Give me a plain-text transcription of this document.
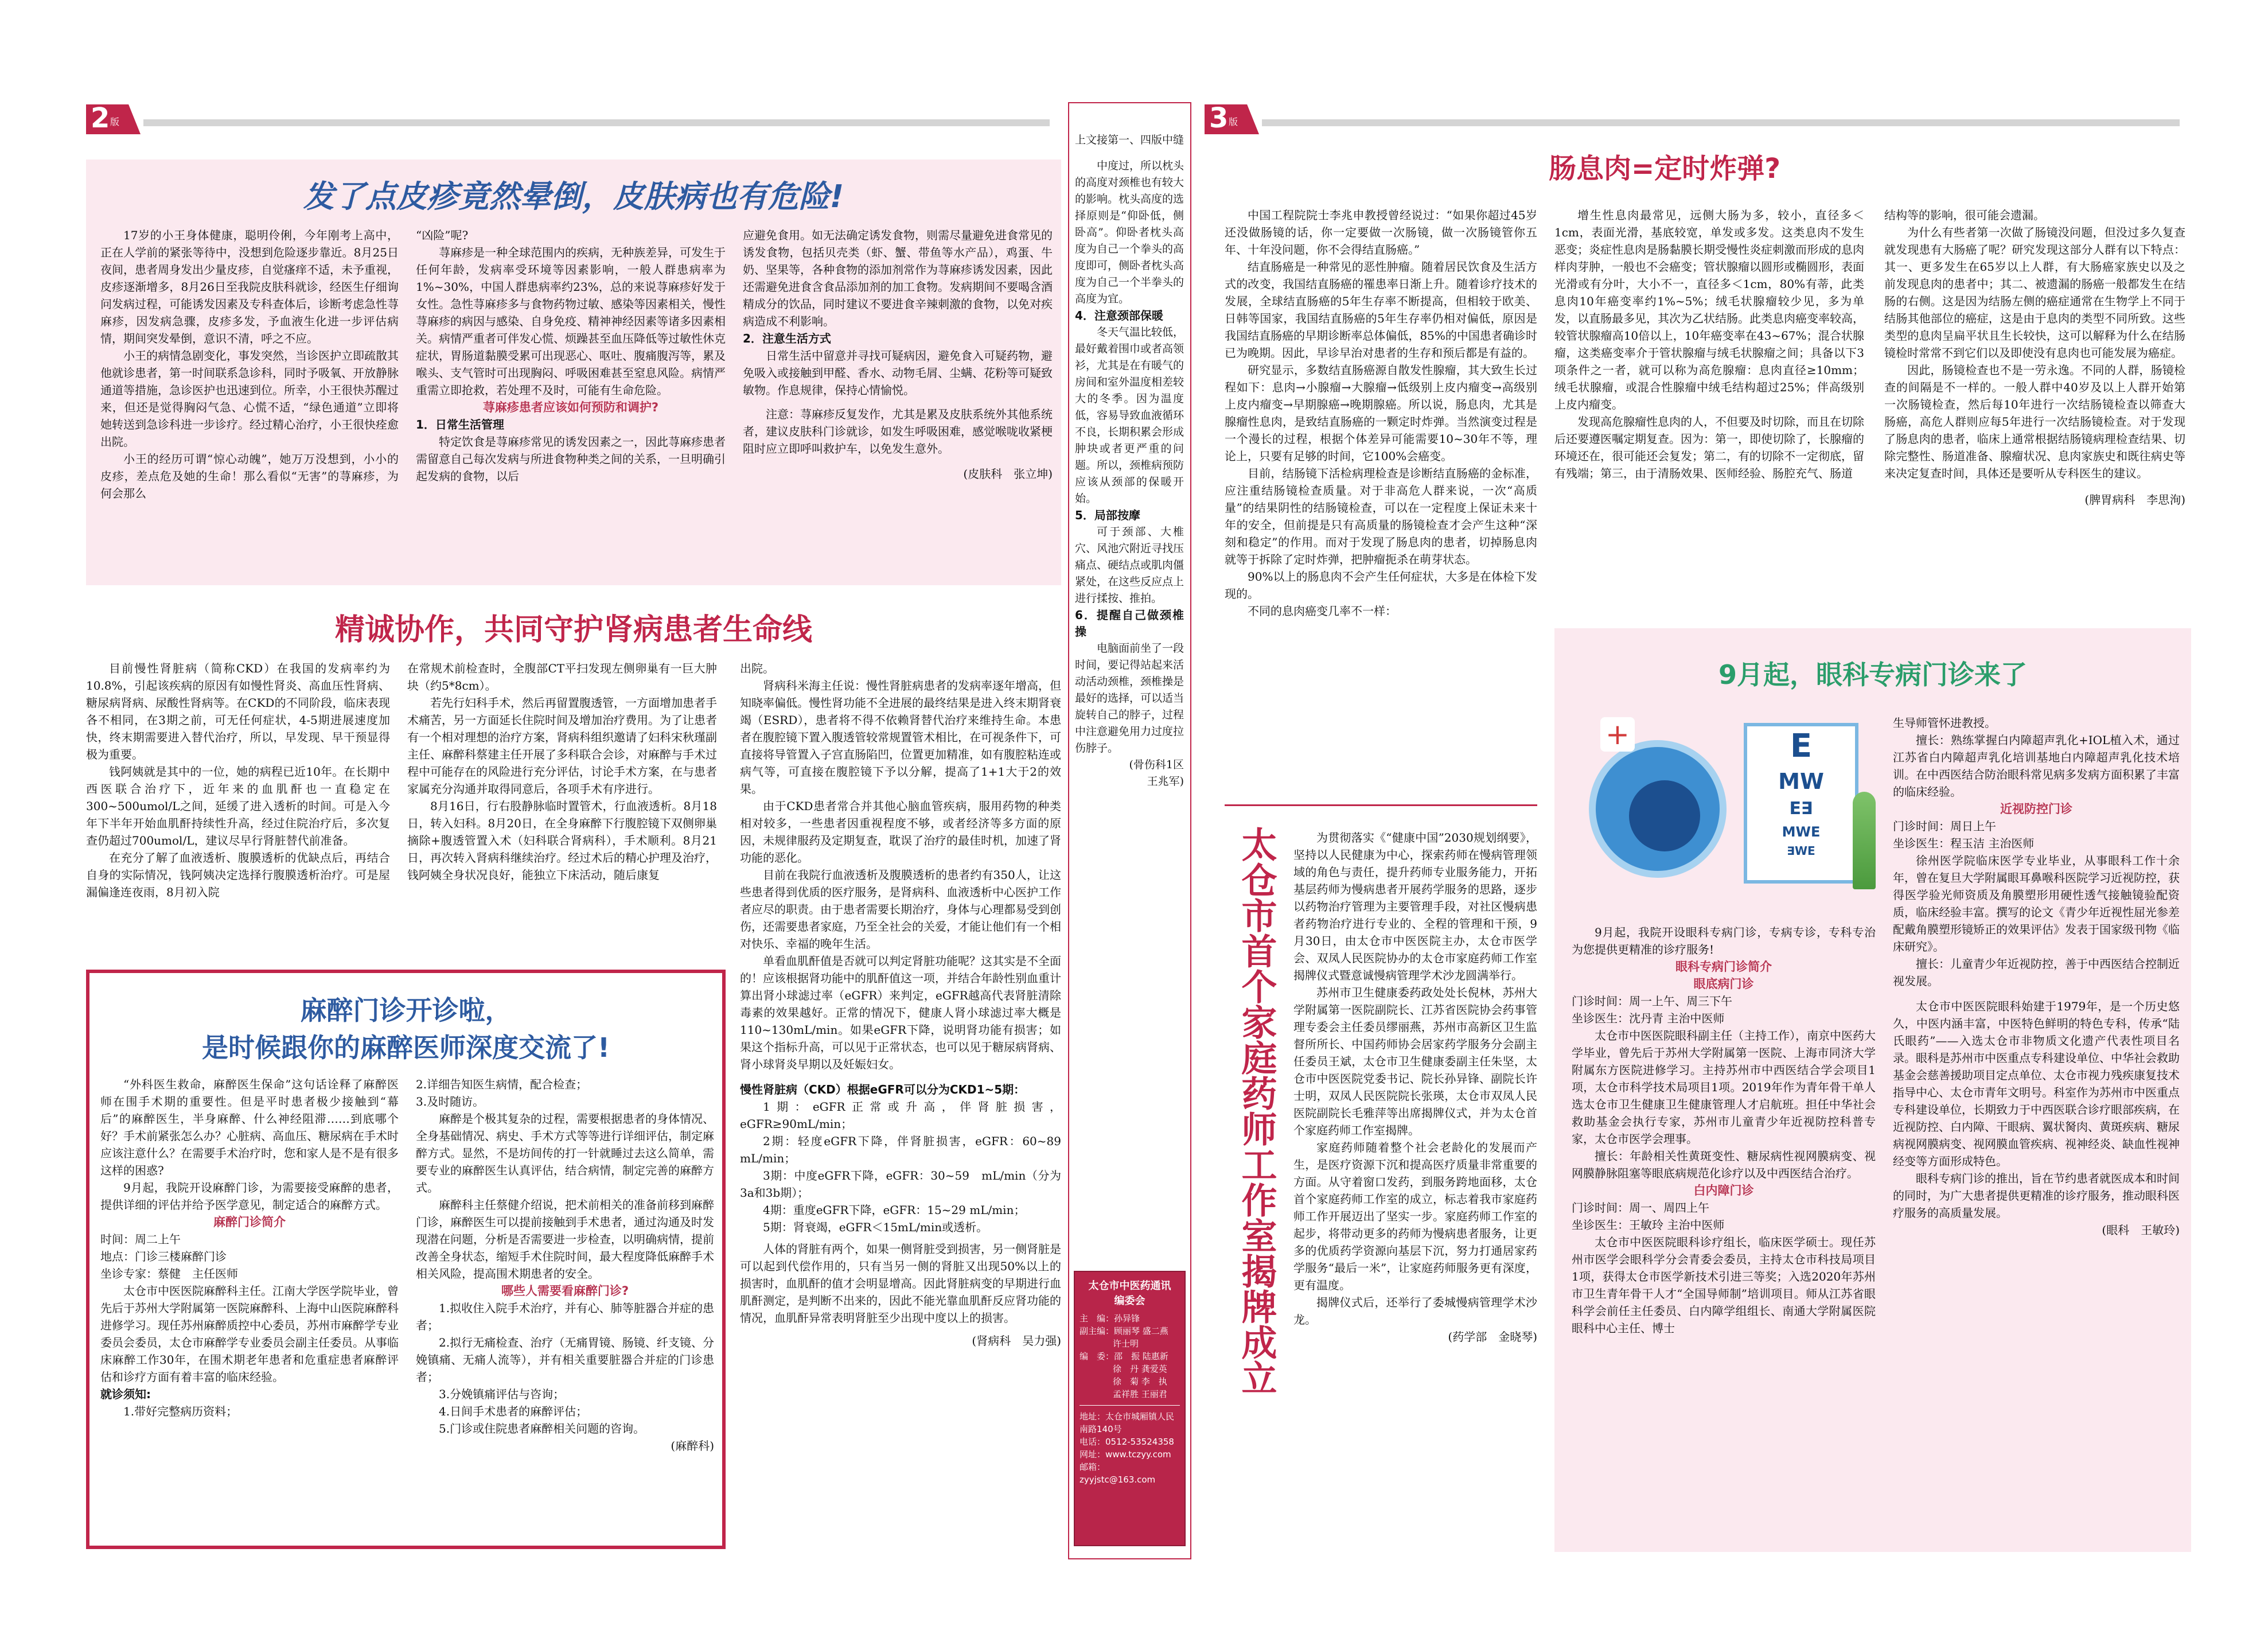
2 版
发了点皮疹竟然晕倒，皮肤病也有危险!

17岁的小王身体健康，聪明伶俐，今年刚考上高中，正在人学前的紧张等待中，没想到危险逐步靠近。8月25日夜间，患者周身发出少量皮疹，自觉瘙痒不适，未予重视，皮疹逐渐增多，8月26日至我院皮肤科就诊，经医生仔细询问发病过程，可能诱发因素及专科查体后，诊断考虑急性荨麻疹，因发病急骤，皮疹多发，予血液生化进一步评估病情，期间突发晕倒，意识不清，呼之不应。

小王的病情急剧变化，事发突然，当诊医护立即疏散其他就诊患者，第一时间联系急诊科，同时予吸氧、开放静脉通道等措施，急诊医护也迅速到位。所幸，小王很快苏醒过来，但还是觉得胸闷气急、心慌不适，“绿色通道”立即将她转送到急诊科进一步诊疗。经过精心治疗，小王很快痊愈出院。

小王的经历可谓“惊心动魄”，她万万没想到，小小的皮疹，差点危及她的生命！那么看似“无害”的荨麻疹，为何会那么

“凶险”呢?

荨麻疹是一种全球范围内的疾病，无种族差异，可发生于任何年龄，发病率受环境等因素影响，一般人群患病率为1%~30%，中国人群患病率约23%，总的来说荨麻疹好发于女性。急性荨麻疹多与食物药物过敏、感染等因素相关，慢性荨麻疹的病因与感染、自身免疫、精神神经因素等诸多因素相关。病情严重者可伴发心慌、烦躁甚至血压降低等过敏性休克症状，胃肠道黏膜受累可出现恶心、呕吐、腹痛腹泻等，累及喉头、支气管时可出现胸闷、呼吸困难甚至窒息风险。病情严重需立即抢救，若处理不及时，可能有生命危险。

荨麻疹患者应该如何预防和调护?

1．日常生活管理

特定饮食是荨麻疹常见的诱发因素之一，因此荨麻疹患者需留意自己每次发病与所进食物种类之间的关系，一旦明确引起发病的食物，以后

应避免食用。如无法确定诱发食物，则需尽量避免进食常见的诱发食物，包括贝壳类（虾、蟹、带鱼等水产品），鸡蛋、牛奶、坚果等，各种食物的添加剂常作为荨麻疹诱发因素，因此还需避免进食含食品添加剂的加工食物。发病期间不要喝含酒精成分的饮品，同时建议不要进食辛辣刺激的食物，以免对疾病造成不利影响。

2．注意生活方式

日常生活中留意并寻找可疑病因，避免食入可疑药物，避免吸入或接触到甲醛、香水、动物毛屑、尘螨、花粉等可疑致敏物。作息规律，保持心情愉悦。

注意：荨麻疹反复发作，尤其是累及皮肤系统外其他系统者，建议皮肤科门诊就诊，如发生呼吸困难，感觉喉咙收紧梗阻时应立即呼叫救护车，以免发生意外。

(皮肤科　张立坤)

精诚协作，共同守护肾病患者生命线

目前慢性肾脏病（简称CKD）在我国的发病率约为10.8%，引起该疾病的原因有如慢性肾炎、高血压性肾病、糖尿病肾病、尿酸性肾病等。在CKD的不同阶段，临床表现各不相同，在3期之前，可无任何症状，4-5期进展速度加快，终末期需要进入替代治疗，所以，早发现、早干预显得极为重要。

钱阿姨就是其中的一位，她的病程已近10年。在长期中西医联合治疗下，近年来的血肌酐也一直稳定在300~500umol/L之间，延缓了进入透析的时间。可是入今年下半年开始血肌酐持续性升高，经过住院治疗后，多次复查仍超过700umol/L，建议尽早行肾脏替代前准备。

在充分了解了血液透析、腹膜透析的优缺点后，再结合自身的实际情况，钱阿姨决定选择行腹膜透析治疗。可是屋漏偏逢连夜雨，8月初入院

在常规术前检查时，全腹部CT平扫发现左侧卵巢有一巨大肿块（约5*8cm）。

若先行妇科手术，然后再留置腹透管，一方面增加患者手术痛苦，另一方面延长住院时间及增加治疗费用。为了让患者有一个相对理想的治疗方案，肾病科组织邀请了妇科宋秋瑾副主任、麻醉科蔡建主任开展了多科联合会诊，对麻醉与手术过程中可能存在的风险进行充分评估，讨论手术方案，在与患者家属充分沟通并取得同意后，各项手术有序进行。

8月16日，行右股静脉临时置管术，行血液透析。8月18日，转入妇科。8月20日，在全身麻醉下行腹腔镜下双侧卵巢摘除+腹透管置入术（妇科联合肾病科），手术顺利。8月21日，再次转入肾病科继续治疗。经过术后的精心护理及治疗，钱阿姨全身状况良好，能独立下床活动，随后康复

出院。

肾病科米海主任说：慢性肾脏病患者的发病率逐年增高，但知晓率偏低。慢性肾功能不全进展的最终结果是进入终末期肾衰竭（ESRD），患者将不得不依赖肾替代治疗来维持生命。本患者在腹腔镜下置入腹透管较常规置管术相比，在可视条件下，可直接将导管置入子宫直肠陷凹，位置更加精准，如有腹腔粘连或病气等，可直接在腹腔镜下予以分解，提高了1+1大于2的效果。

由于CKD患者常合并其他心脑血管疾病，服用药物的种类相对较多，一些患者因重视程度不够，或者经济等多方面的原因，未规律服药及定期复查，耽误了治疗的最佳时机，加速了肾功能的恶化。

目前在我院行血液透析及腹膜透析的患者约有350人，让这些患者得到优质的医疗服务，是肾病科、血液透析中心医护工作者应尽的职责。由于患者需要长期治疗，身体与心理都易受到创伤，还需要患者家庭，乃至全社会的关爱，才能让他们有一个相对快乐、幸福的晚年生活。

单看血肌酐值是否就可以判定肾脏功能呢？这其实是不全面的！应该根据肾功能中的肌酐值这一项，并结合年龄性别血重计算出肾小球滤过率（eGFR）来判定，eGFR越高代表肾脏清除毒素的效果越好。正常的情况下，健康人肾小球滤过率大概是110~130mL/min。如果eGFR下降，说明肾功能有损害；如果这个指标升高，可以见于正常状态，也可以见于糖尿病肾病、肾小球肾炎早期以及妊娠妇女。

慢性肾脏病（CKD）根据eGFR可以分为CKD1~5期：

1期：eGFR正常或升高，伴肾脏损害，eGFR≥90mL/min；

2期：轻度eGFR下降，伴肾脏损害，eGFR：60~89 mL/min；

3期：中度eGFR下降，eGFR：30~59　mL/min（分为3a和3b期）；

4期：重度eGFR下降，eGFR：15~29 mL/min；

5期：肾衰竭，eGFR＜15mL/min或透析。

人体的肾脏有两个，如果一侧肾脏受到损害，另一侧肾脏是可以起到代偿作用的，只有当另一侧的肾脏又出现50%以上的损害时，血肌酐的值才会明显增高。因此肾脏病变的早期进行血肌酐测定，是判断不出来的，因此不能光靠血肌酐反应肾功能的情况，血肌酐异常表明肾脏至少出现中度以上的损害。

(肾病科　吴力强)

麻醉门诊开诊啦，
是时候跟你的麻醉医师深度交流了!

“外科医生救命，麻醉医生保命”这句话诠释了麻醉医师在围手术期的重要性。但是平时患者极少接触到“幕后”的麻醉医生，半身麻醉、什么神经阻滞……到底哪个好？手术前紧张怎么办？心脏病、高血压、糖尿病在手术时应该注意什么？在需要手术治疗时，您和家人是不是有很多这样的困惑?

9月起，我院开设麻醉门诊，为需要接受麻醉的患者，提供详细的评估并给予医学意见，制定适合的麻醉方式。

麻醉门诊简介

时间：周二上午

地点：门诊三楼麻醉门诊

坐诊专家：蔡健　主任医师

太仓市中医医院麻醉科主任。江南大学医学院毕业，曾先后于苏州大学附属第一医院麻醉科、上海中山医院麻醉科进修学习。现任苏州麻醉质控中心委员，苏州市麻醉学专业委员会委员，太仓市麻醉学专业委员会副主任委员。从事临床麻醉工作30年，在围术期老年患者和危重症患者麻醉评估和诊疗方面有着丰富的临床经验。

就诊须知:

1.带好完整病历资料；

2.详细告知医生病情，配合检查；

3.及时随访。

麻醉是个极其复杂的过程，需要根据患者的身体情况、全身基础情况、病史、手术方式等等进行详细评估，制定麻醉方式。显然，不是坊间传的打一针就睡过去这么简单，需要专业的麻醉医生认真评估，结合病情，制定完善的麻醉方式。

麻醉科主任蔡健介绍说，把术前相关的准备前移到麻醉门诊，麻醉医生可以提前接触到手术患者，通过沟通及时发现潜在问题，分析是否需要进一步检查，以明确病情，提前改善全身状态，缩短手术住院时间，最大程度降低麻醉手术相关风险，提高围术期患者的安全。

哪些人需要看麻醉门诊?

1.拟收住入院手术治疗，并有心、肺等脏器合并症的患者；

2.拟行无痛检查、治疗（无痛胃镜、肠镜、纤支镜、分娩镇痛、无痛人流等），并有相关重要脏器合并症的门诊患者；

3.分娩镇痛评估与咨询；

4.日间手术患者的麻醉评估；

5.门诊或住院患者麻醉相关问题的咨询。

(麻醉科)

上文接第一、四版中缝

中度过，所以枕头的高度对颈椎也有较大的影响。枕头高度的选择原则是“仰卧低，侧卧高”。仰卧者枕头高度为自己一个拳头的高度即可，侧卧者枕头高度为自己一个半拳头的高度为宜。

4．注意颈部保暖

冬天气温比较低，最好戴着围巾或者高领衫，尤其是在有暖气的房间和室外温度相差较大的冬季。因为温度低，容易导致血液循环不良，长期积累会形成肿块或者更严重的问题。所以，颈椎病预防应该从颈部的保暖开始。

5．局部按摩

可于颈部、大椎穴、风池穴附近寻找压痛点、硬结点或肌肉僵紧处，在这些反应点上进行揉按、推拍。

6．提醒自己做颈椎操

电脑面前坐了一段时间，要记得站起来活动活动颈椎，颈椎操是最好的选择，可以适当旋转自己的脖子，过程中注意避免用力过度拉伤脖子。

(骨伤科1区

王兆军)

太仓市中医药通讯
编委会
主　编：孙异锋
副主编：顾丽琴 盛二燕
许士明
编　委：邵　振 陆惠新
徐　丹 龚爱英
徐　菊 李　执
孟祥胜 王丽君
地址：太仓市城厢镇人民南路140号
电话：0512-53524358
网址：www.tczyy.com
邮箱：zyyjstc@163.com
3 版
肠息肉=定时炸弹?

中国工程院院士李兆申教授曾经说过：“如果你超过45岁还没做肠镜的话，你一定要做一次肠镜，做一次肠镜管你五年、十年没问题，你不会得结直肠癌。”

结直肠癌是一种常见的恶性肿瘤。随着居民饮食及生活方式的改变，我国结直肠癌的罹患率日渐上升。随着诊疗技术的发展，全球结直肠癌的5年生存率不断提高，但相较于欧美、日韩等国家，我国结直肠癌的5年生存率仍相对偏低，原因是我国结直肠癌的早期诊断率总体偏低，85%的中国患者确诊时已为晚期。因此，早诊早治对患者的生存和预后都是有益的。

研究显示，多数结直肠癌源自散发性腺瘤，其大致生长过程如下：息肉→小腺瘤→大腺瘤→低级别上皮内瘤变→高级别上皮内瘤变→早期腺癌→晚期腺癌。所以说，肠息肉，尤其是腺瘤性息肉，是致结直肠癌的一颗定时炸弹。当然演变过程是一个漫长的过程，根据个体差异可能需要10~30年不等，理论上，只要有足够的时间，它100%会癌变。

目前，结肠镜下活检病理检查是诊断结直肠癌的金标准，应注重结肠镜检查质量。对于非高危人群来说，一次“高质量”的结果阴性的结肠镜检查，可以在一定程度上保证未来十年的安全，但前提是只有高质量的肠镜检查才会产生这种“深刻和稳定”的作用。而对于发现了肠息肉的患者，切掉肠息肉就等于拆除了定时炸弹，把肿瘤扼杀在萌芽状态。

90%以上的肠息肉不会产生任何症状，大多是在体检下发现的。

不同的息肉癌变几率不一样：

增生性息肉最常见，远侧大肠为多，较小，直径多＜1cm，表面光滑，基底较宽，单发或多发。这类息肉不发生恶变；炎症性息肉是肠黏膜长期受慢性炎症刺激而形成的息肉样肉芽肿，一般也不会癌变；管状腺瘤以圆形或椭圆形，表面光滑或有分叶，大小不一，直径多＜1cm，80%有蒂，此类息肉10年癌变率约1%~5%；绒毛状腺瘤较少见，多为单发，以直肠最多见，其次为乙状结肠。此类息肉癌变率较高，较管状腺瘤高10倍以上，10年癌变率在43~67%；混合状腺瘤，这类癌变率介于管状腺瘤与绒毛状腺瘤之间；具备以下3项条件之一者，就可以称为高危腺瘤：息肉直径≥10mm；绒毛状腺瘤，或混合性腺瘤中绒毛结构超过25%；伴高级别上皮内瘤变。

发现高危腺瘤性息肉的人，不但要及时切除，而且在切除后还要遵医嘱定期复查。因为：第一，即使切除了，长腺瘤的环境还在，很可能还会复发；第二，有的切除不一定彻底，留有残端；第三，由于清肠效果、医师经验、肠腔充气、肠道

结构等的影响，很可能会遗漏。

为什么有些者第一次做了肠镜没问题，但没过多久复查就发现患有大肠癌了呢？研究发现这部分人群有以下特点：其一、更多发生在65岁以上人群，有大肠癌家族史以及之前发现息肉的患者中；其二、被遗漏的肠癌一般都发生在结肠的右侧。这是因为结肠左侧的癌症通常在生物学上不同于结肠其他部位的癌症，这是由于息肉的类型不同所致。这些类型的息肉呈扁平状且生长较快，这可以解释为什么在结肠镜检时常常不到它们以及即使没有息肉也可能发展为癌症。

因此，肠镜检查也不是一劳永逸。不同的人群，肠镜检查的间隔是不一样的。一般人群中40岁及以上人群开始第一次肠镜检查，然后每10年进行一次结肠镜检查以筛查大肠癌，高危人群则应每5年进行一次结肠镜检查。对于发现了肠息肉的患者，临床上通常根据结肠镜病理检查结果、切除完整性、肠道准备、腺瘤状况、息肉家族史和既往病史等来决定复查时间，具体还是要听从专科医生的建议。

(脾胃病科　李思洵)

太仓市首个家庭药师工作室揭牌成立	为贯彻落实《“健康中国”2030规划纲要》，坚持以人民健康为中心，探索药师在慢病管理领域的角色与责任，提升药师专业服务能力，开拓基层药师为慢病患者开展药学服务的思路，逐步以药物治疗管理为主要管理手段，对社区慢病患者药物治疗进行专业的、全程的管理和干预，9月30日，由太仓市中医医院主办，太仓市医学会、双凤人民医院协办的太仓市家庭药师工作室揭牌仪式暨意诚慢病管理学术沙龙圆满举行。

苏州市卫生健康委药政处处长倪林，苏州大学附属第一医院副院长、江苏省医院协会药事管理专委会主任委员缪丽燕，苏州市高新区卫生监督所所长、中国药师协会居家药学服务分会副主任委员王斌，太仓市卫生健康委副主任朱坚，太仓市中医医院党委书记、院长孙异锋、副院长许士明，双凤人民医院院长张瑛，太仓市双凤人民医院副院长毛雅萍等出席揭牌仪式，并为太仓首个家庭药师工作室揭牌。

家庭药师随着整个社会老龄化的发展而产生，是医疗资源下沉和提高医疗质量非常重要的方面。从守着窗口发药，到服务跨地面移，太仓首个家庭药师工作室的成立，标志着我市家庭药师工作开展迈出了坚实一步。家庭药师工作室的起步，将带动更多的药师为慢病患者服务，让更多的优质药学资源向基层下沉，努力打通居家药学服务“最后一米”，让家庭药师服务更有深度，更有温度。

揭牌仪式后，还举行了委城慢病管理学术沙龙。

(药学部　金晓琴)

9月起，眼科专病门诊来了
+	E
MW
E∃
MWE
∃WE

9月起，我院开设眼科专病门诊，专病专诊，专科专治为您提供更精准的诊疗服务!

眼科专病门诊简介

眼底病门诊

门诊时间：周一上午、周三下午

坐诊医生：沈丹青 主治中医师

太仓市中医医院眼科副主任（主持工作），南京中医药大学毕业，曾先后于苏州大学附属第一医院、上海市同济大学附属东方医院进修学习。主持苏州市中西医结合学会项目1项，太仓市科学技术局项目1项。2019年作为青年骨干单人选太仓市卫生健康卫生健康管理人才启航班。担任中华社会救助基金会执行专家，苏州市儿童青少年近视防控科普专家，太仓市医学会理事。

擅长：年龄相关性黄斑变性、糖尿病性视网膜病变、视网膜静脉阻塞等眼底病规范化诊疗以及中西医结合治疗。

白内障门诊

门诊时间：周一、周四上午

坐诊医生：王敏玲 主治中医师

太仓市中医医院眼科诊疗组长，临床医学硕士。现任苏州市医学会眼科学分会青委会委员，主持太仓市科技局项目1项，获得太仓市医学新技术引进三等奖；入选2020年苏州市卫生青年骨干人才“全国导师制”培训项目。师从江苏省眼科学会前任主任委员、白内障学组组长、南通大学附属医院眼科中心主任、博士

生导师管怀进教授。

擅长：熟练掌握白内障超声乳化+IOL植入术，通过江苏省白内障超声乳化培训基地白内障超声乳化技术培训。在中西医结合防治眼科常见病多发病方面积累了丰富的临床经验。

近视防控门诊

门诊时间：周日上午

坐诊医生：程玉洁 主治医师

徐州医学院临床医学专业毕业，从事眼科工作十余年，曾在复旦大学附属眼耳鼻喉科医院学习近视防控，获得医学验光师资质及角膜塑形用硬性透气接触镜验配资质，临床经验丰富。撰写的论文《青少年近视性屈光参差配戴角膜塑形镜矫正的效果评估》发表于国家级刊物《临床研究》。

擅长：儿童青少年近视防控，善于中西医结合控制近视发展。

太仓市中医医院眼科始建于1979年，是一个历史悠久，中医内涵丰富，中医特色鲜明的特色专科，传承“陆氏眼药”——入选太仓市非物质文化遗产代表性项目名录。眼科是苏州市中医重点专科建设单位、中华社会救助基金会慈善援助项目定点单位、太仓市视力残疾康复技术指导中心、太仓市青年文明号。科室作为苏州市中医重点专科建设单位，长期致力于中西医联合诊疗眼部疾病，在近视防控、白内障、干眼病、翼状胬肉、黄斑疾病、糖尿病视网膜病变、视网膜血管疾病、视神经炎、缺血性视神经变等方面形成特色。

眼科专病门诊的推出，旨在节约患者就医成本和时间的同时，为广大患者提供更精准的诊疗服务，推动眼科医疗服务的高质量发展。

(眼科　王敏玲)
